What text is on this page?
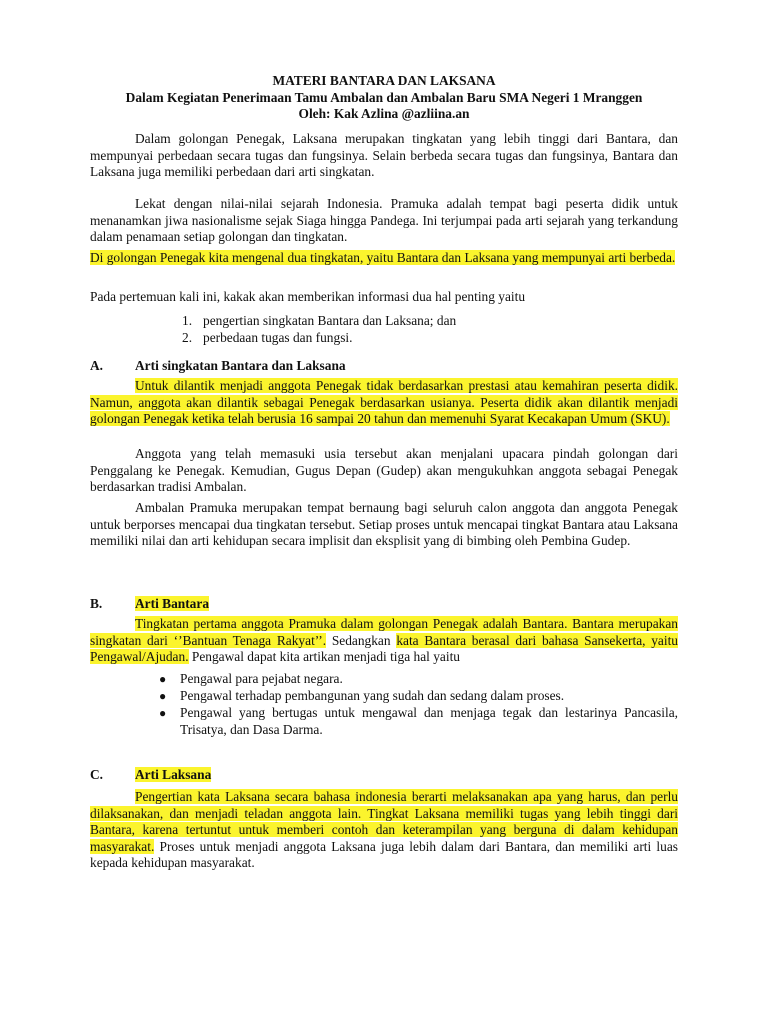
MATERI BANTARA DAN LAKSANA
Dalam Kegiatan Penerimaan Tamu Ambalan dan Ambalan Baru SMA Negeri 1 Mranggen
Oleh: Kak Azlina @azliina.an
Dalam golongan Penegak, Laksana merupakan tingkatan yang lebih tinggi dari Bantara, dan mempunyai perbedaan secara tugas dan fungsinya. Selain berbeda secara tugas dan fungsinya, Bantara dan Laksana juga memiliki perbedaan dari arti singkatan.
Lekat dengan nilai-nilai sejarah Indonesia. Pramuka adalah tempat bagi peserta didik untuk menanamkan jiwa nasionalisme sejak Siaga hingga Pandega. Ini terjumpai pada arti sejarah yang terkandung dalam penamaan setiap golongan dan tingkatan.
Di golongan Penegak kita mengenal dua tingkatan, yaitu Bantara dan Laksana yang mempunyai arti berbeda.
Pada pertemuan kali ini, kakak akan memberikan informasi dua hal penting yaitu
1. pengertian singkatan Bantara dan Laksana; dan
2. perbedaan tugas dan fungsi.
A. Arti singkatan Bantara dan Laksana
Untuk dilantik menjadi anggota Penegak tidak berdasarkan prestasi atau kemahiran peserta didik. Namun, anggota akan dilantik sebagai Penegak berdasarkan usianya. Peserta didik akan dilantik menjadi golongan Penegak ketika telah berusia 16 sampai 20 tahun dan memenuhi Syarat Kecakapan Umum (SKU).
Anggota yang telah memasuki usia tersebut akan menjalani upacara pindah golongan dari Penggalang ke Penegak. Kemudian, Gugus Depan (Gudep) akan mengukuhkan anggota sebagai Penegak berdasarkan tradisi Ambalan.
Ambalan Pramuka merupakan tempat bernaung bagi seluruh calon anggota dan anggota Penegak untuk berporses mencapai dua tingkatan tersebut. Setiap proses untuk mencapai tingkat Bantara atau Laksana memiliki nilai dan arti kehidupan secara implisit dan eksplisit yang di bimbing oleh Pembina Gudep.
B. Arti Bantara
Tingkatan pertama anggota Pramuka dalam golongan Penegak adalah Bantara. Bantara merupakan singkatan dari ‘’Bantuan Tenaga Rakyat’’. Sedangkan kata Bantara berasal dari bahasa Sansekerta, yaitu Pengawal/Ajudan. Pengawal dapat kita artikan menjadi tiga hal yaitu
● Pengawal para pejabat negara.
● Pengawal terhadap pembangunan yang sudah dan sedang dalam proses.
● Pengawal yang bertugas untuk mengawal dan menjaga tegak dan lestarinya Pancasila, Trisatya, dan Dasa Darma.
C. Arti Laksana
Pengertian kata Laksana secara bahasa indonesia berarti melaksanakan apa yang harus, dan perlu dilaksanakan, dan menjadi teladan anggota lain. Tingkat Laksana memiliki tugas yang lebih tinggi dari Bantara, karena tertuntut untuk memberi contoh dan keterampilan yang berguna di dalam kehidupan masyarakat. Proses untuk menjadi anggota Laksana juga lebih dalam dari Bantara, dan memiliki arti luas kepada kehidupan masyarakat.
